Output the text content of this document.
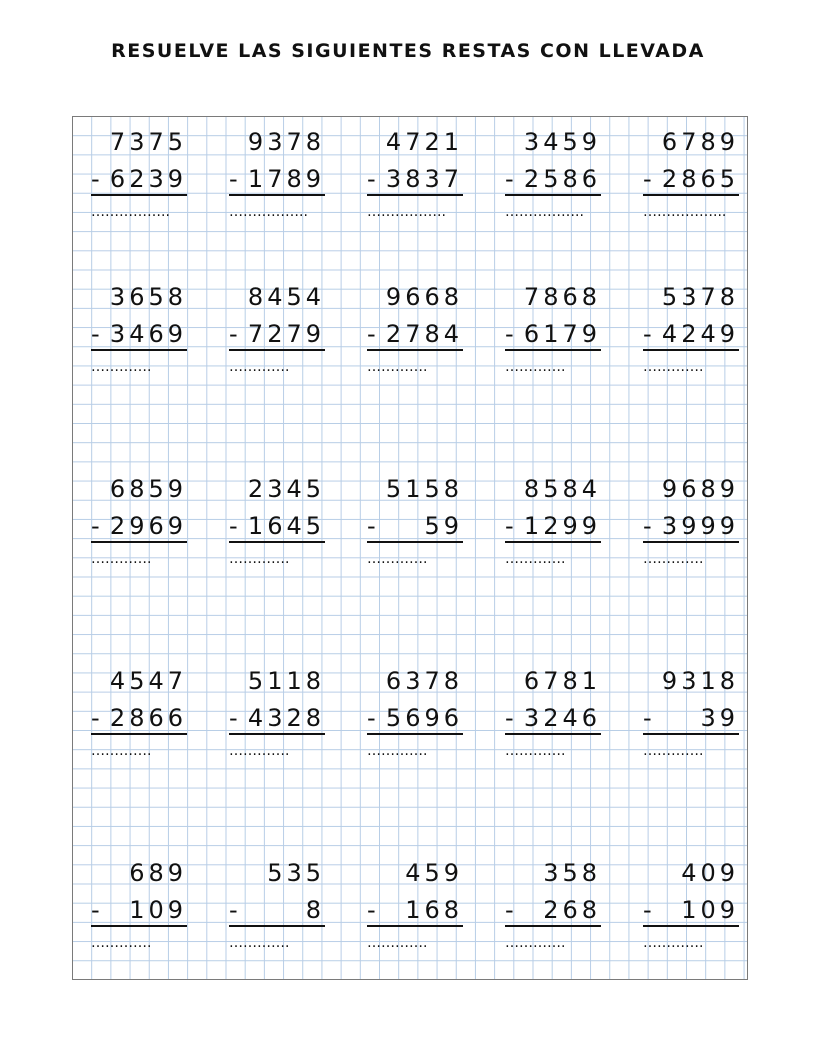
RESUELVE LAS SIGUIENTES RESTAS CON LLEVADA
7375
- 6239
……………..
9378
- 1789
……………..
4721
- 3837
……………..
3459
- 2586
……………..
6789
- 2865
……………...
3658
- 3469
………….
8454
- 7279
………….
9668
- 2784
………….
7868
- 6179
………….
5378
- 4249
………….
6859
- 2969
………….
2345
- 1645
………….
5158
- 59
………….
8584
- 1299
………….
9689
- 3999
………….
4547
- 2866
………….
5118
- 4328
………….
6378
- 5696
………….
6781
- 3246
………….
9318
- 39
………….
689
- 109
………….
535
-	8
………….
459
- 168
………….
358
- 268
………….
409
- 109
………….
